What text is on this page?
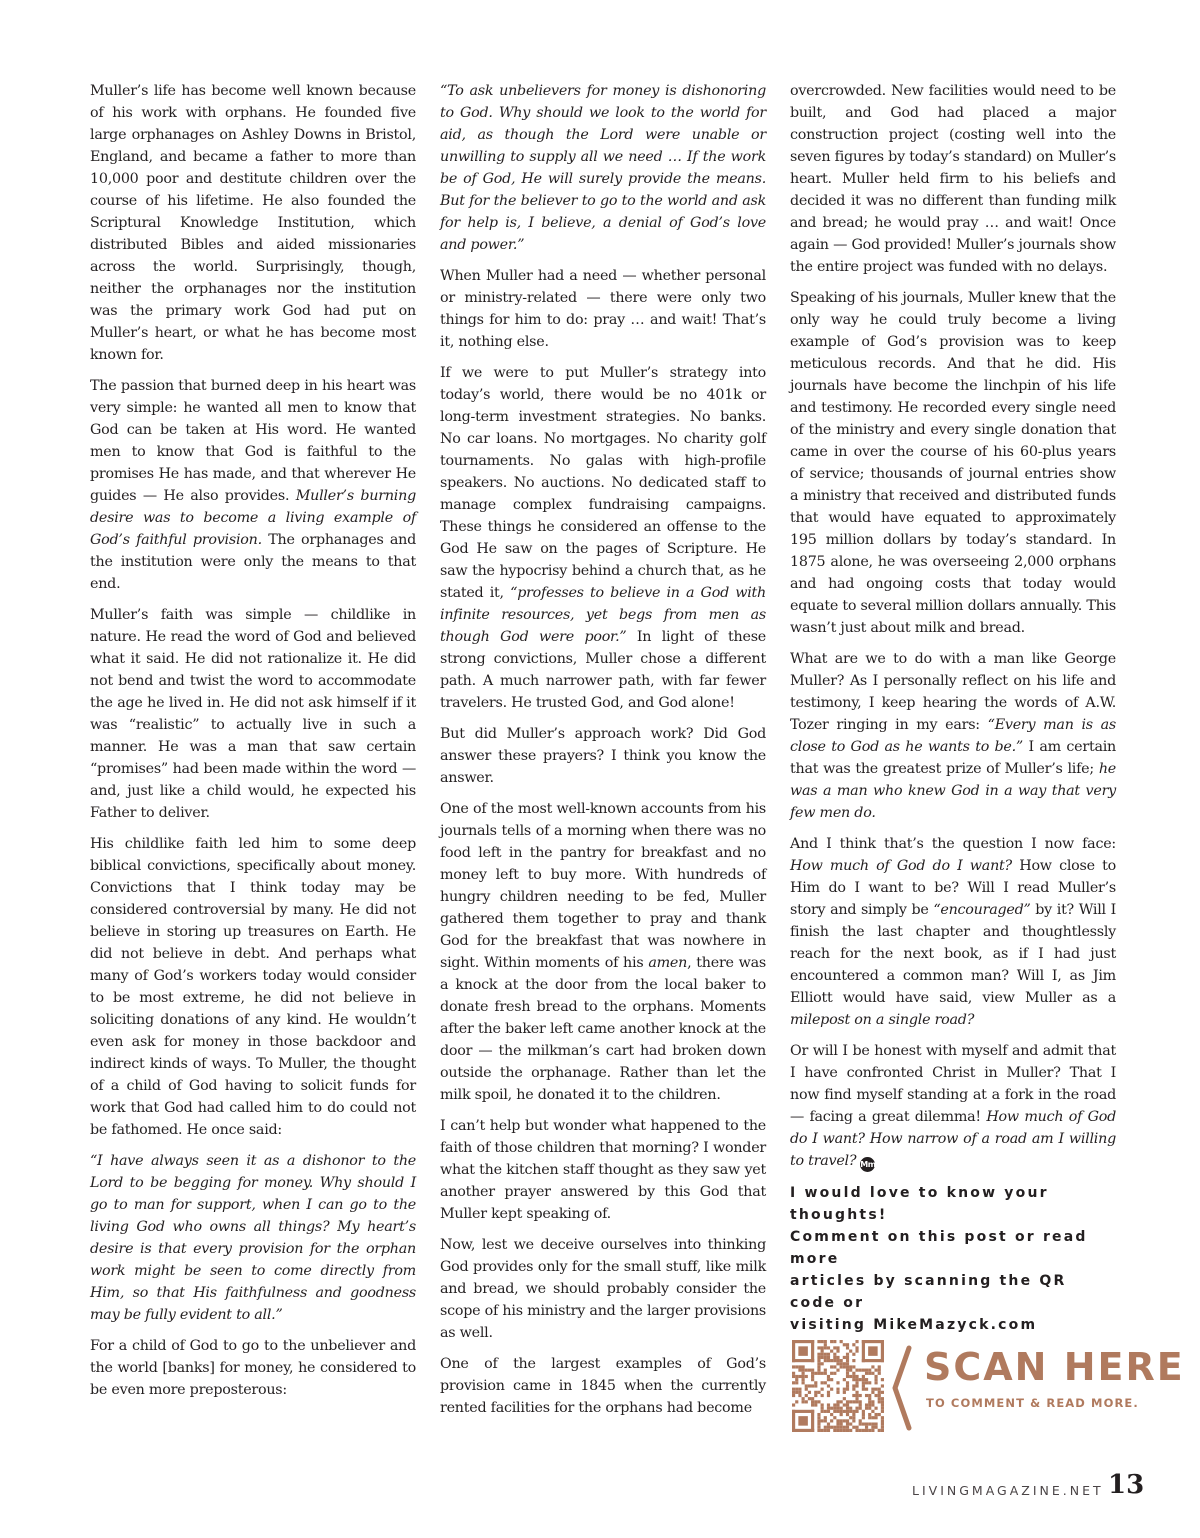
Muller’s life has become well known because of his work with orphans. He founded five large orphanages on Ashley Downs in Bristol, England, and became a father to more than 10,000 poor and destitute children over the course of his lifetime. He also founded the Scriptural Knowledge Institution, which distributed Bibles and aided missionaries across the world. Surprisingly, though, neither the orphanages nor the institution was the primary work God had put on Muller’s heart, or what he has become most known for.

The passion that burned deep in his heart was very simple: he wanted all men to know that God can be taken at His word. He wanted men to know that God is faithful to the promises He has made, and that wherever He guides — He also provides. Muller’s burning desire was to become a living example of God’s faithful provision. The orphanages and the institution were only the means to that end.

Muller’s faith was simple — childlike in nature. He read the word of God and believed what it said. He did not rationalize it. He did not bend and twist the word to accommodate the age he lived in. He did not ask himself if it was “realistic” to actually live in such a manner. He was a man that saw certain “promises” had been made within the word — and, just like a child would, he expected his Father to deliver.

His childlike faith led him to some deep biblical convictions, specifically about money. Convictions that I think today may be considered controversial by many. He did not believe in storing up treasures on Earth. He did not believe in debt. And perhaps what many of God’s workers today would consider to be most extreme, he did not believe in soliciting donations of any kind. He wouldn’t even ask for money in those backdoor and indirect kinds of ways. To Muller, the thought of a child of God having to solicit funds for work that God had called him to do could not be fathomed. He once said:

“I have always seen it as a dishonor to the Lord to be begging for money. Why should I go to man for support, when I can go to the living God who owns all things? My heart’s desire is that every provision for the orphan work might be seen to come directly from Him, so that His faithfulness and goodness may be fully evident to all.”

For a child of God to go to the unbeliever and the world [banks] for money, he considered to be even more preposterous:

“To ask unbelievers for money is dishonoring to God. Why should we look to the world for aid, as though the Lord were unable or unwilling to supply all we need … If the work be of God, He will surely provide the means. But for the believer to go to the world and ask for help is, I believe, a denial of God’s love and power.”

When Muller had a need — whether personal or ministry-related — there were only two things for him to do: pray … and wait! That’s it, nothing else.

If we were to put Muller’s strategy into today’s world, there would be no 401k or long-term investment strategies. No banks. No car loans. No mortgages. No charity golf tournaments. No galas with high-profile speakers. No auctions. No dedicated staff to manage complex fundraising campaigns. These things he considered an offense to the God He saw on the pages of Scripture. He saw the hypocrisy behind a church that, as he stated it, “professes to believe in a God with infinite resources, yet begs from men as though God were poor.” In light of these strong convictions, Muller chose a different path. A much narrower path, with far fewer travelers. He trusted God, and God alone!

But did Muller’s approach work? Did God answer these prayers? I think you know the answer.

One of the most well-known accounts from his journals tells of a morning when there was no food left in the pantry for breakfast and no money left to buy more. With hundreds of hungry children needing to be fed, Muller gathered them together to pray and thank God for the breakfast that was nowhere in sight. Within moments of his amen, there was a knock at the door from the local baker to donate fresh bread to the orphans. Moments after the baker left came another knock at the door — the milkman’s cart had broken down outside the orphanage. Rather than let the milk spoil, he donated it to the children.

I can’t help but wonder what happened to the faith of those children that morning? I wonder what the kitchen staff thought as they saw yet another prayer answered by this God that Muller kept speaking of.

Now, lest we deceive ourselves into thinking God provides only for the small stuff, like milk and bread, we should probably consider the scope of his ministry and the larger provisions as well.

One of the largest examples of God’s provision came in 1845 when the currently rented facilities for the orphans had become

overcrowded. New facilities would need to be built, and God had placed a major construction project (costing well into the seven figures by today’s standard) on Muller’s heart. Muller held firm to his beliefs and decided it was no different than funding milk and bread; he would pray … and wait! Once again — God provided! Muller’s journals show the entire project was funded with no delays.

Speaking of his journals, Muller knew that the only way he could truly become a living example of God’s provision was to keep meticulous records. And that he did. His journals have become the linchpin of his life and testimony. He recorded every single need of the ministry and every single donation that came in over the course of his 60-plus years of service; thousands of journal entries show a ministry that received and distributed funds that would have equated to approximately 195 million dollars by today’s standard. In 1875 alone, he was overseeing 2,000 orphans and had ongoing costs that today would equate to several million dollars annually. This wasn’t just about milk and bread.

What are we to do with a man like George Muller? As I personally reflect on his life and testimony, I keep hearing the words of A.W. Tozer ringing in my ears: “Every man is as close to God as he wants to be.” I am certain that was the greatest prize of Muller’s life; he was a man who knew God in a way that very few men do.

And I think that’s the question I now face: How much of God do I want? How close to Him do I want to be? Will I read Muller’s story and simply be “encouraged” by it? Will I finish the last chapter and thoughtlessly reach for the next book, as if I had just encountered a common man? Will I, as Jim Elliott would have said, view Muller as a milepost on a single road?

Or will I be honest with myself and admit that I have confronted Christ in Muller? That I now find myself standing at a fork in the road — facing a great dilemma! How much of God do I want? How narrow of a road am I willing to travel? Mm

I would love to know your thoughts!
Comment on this post or read more
articles by scanning the QR code or
visiting MikeMazyck.com
SCAN HERE
TO COMMENT & READ MORE.
LIVINGMAGAZINE.NET 13
